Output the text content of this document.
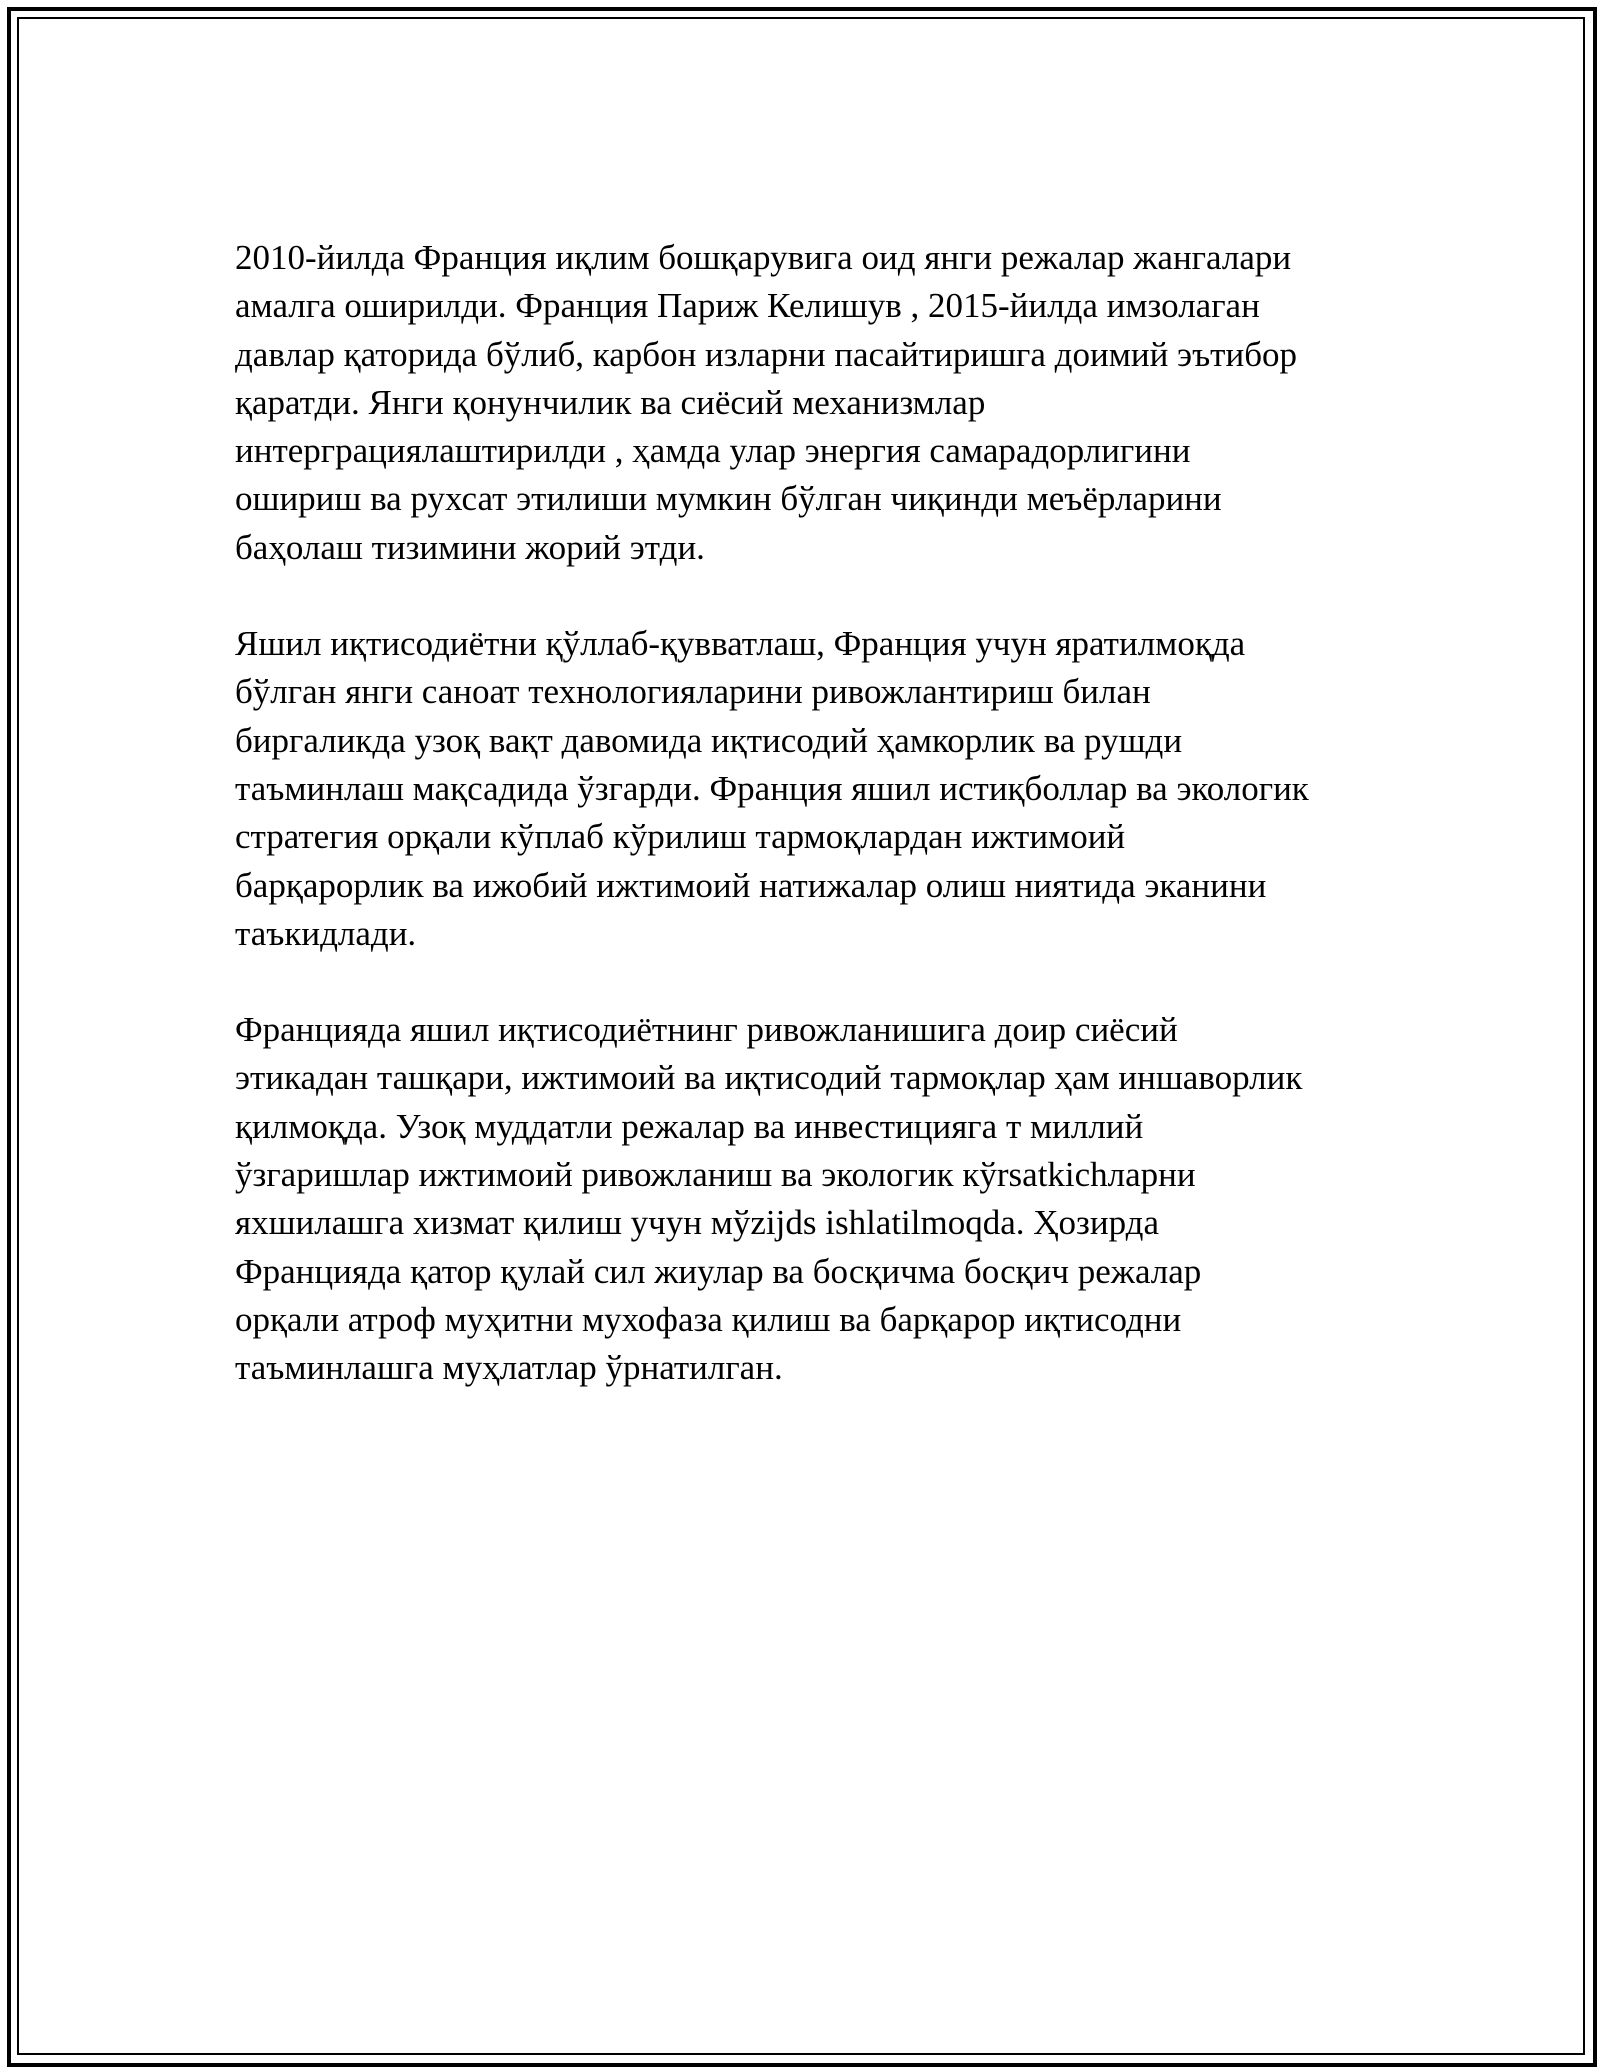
2010-йилда Франция иқлим бошқарувига оид янги режалар жангалари
амалга оширилди. Франция Париж Келишув , 2015-йилда имзолаган
давлар қаторида бўлиб, карбон изларни пасайтиришга доимий эътибор
қаратди. Янги қонунчилик ва сиёсий механизмлар
интерграциялаштирилди , ҳамда улар энергия самарадорлигини
ошириш ва рухсат этилиши мумкин бўлган чиқинди меъёрларини
баҳолаш тизимини жорий этди.

Яшил иқтисодиётни қўллаб-қувватлаш, Франция учун яратилмоқда
бўлган янги саноат технологияларини ривожлантириш билан
биргаликда узоқ вақт давомида иқтисодий ҳамкорлик ва рушди
таъминлаш мақсадида ўзгарди. Франция яшил истиқболлар ва экологик
стратегия орқали кўплаб кўрилиш тармоқлардан ижтимоий
барқарорлик ва ижобий ижтимоий натижалар олиш ниятида эканини
таъкидлади.

Францияда яшил иқтисодиётнинг ривожланишига доир сиёсий
этикадан ташқари, ижтимоий ва иқтисодий тармоқлар ҳам иншаворлик
қилмоқда. Узоқ муддатли режалар ва инвестицияга т миллий
ўзгаришлар ижтимоий ривожланиш ва экологик кўrsatkichларни
яхшилашга хизмат қилиш учун мўzijds ishlatilmoqda. Ҳозирда
Францияда қатор қулай сил жиулар ва босқичма босқич режалар
орқали атроф муҳитни мухофаза қилиш ва барқарор иқтисодни
таъминлашга муҳлатлар ўрнатилган.
